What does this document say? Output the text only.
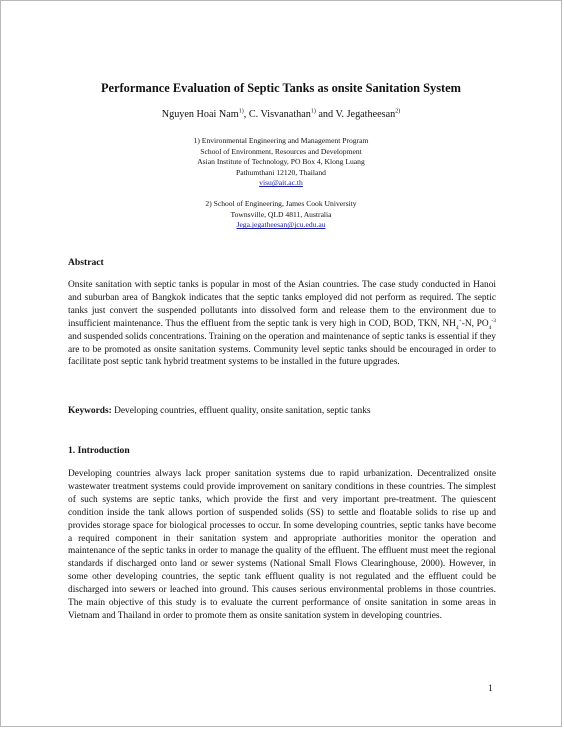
Performance Evaluation of Septic Tanks as onsite Sanitation System
Nguyen Hoai Nam$^{1)}$, C. Visvanathan$^{1)}$ and V. Jegatheesan$^{2)}$
1) Environmental Engineering and Management Program
School of Environment, Resources and Development
Asian Institute of Technology, PO Box 4, Klong Luang
Pathumthani 12120, Thailand
visu@ait.ac.th
2) School of Engineering, James Cook University
Townsville, QLD 4811, Australia
Jega.jegatheesan@jcu.edu.au
Abstract
Onsite sanitation with septic tanks is popular in most of the Asian countries. The case study conducted in Hanoi and suburban area of Bangkok indicates that the septic tanks employed did not perform as required. The septic tanks just convert the suspended pollutants into dissolved form and release them to the environment due to insufficient maintenance. Thus the effluent from the septic tank is very high in COD, BOD, TKN, $NH_4^+-N$, $PO_4^{-3}$ and suspended solids concentrations. Training on the operation and maintenance of septic tanks is essential if they are to be promoted as onsite sanitation systems. Community level septic tanks should be encouraged in order to facilitate post septic tank hybrid treatment systems to be installed in the future upgrades.
Keywords: Developing countries, effluent quality, onsite sanitation, septic tanks
1. Introduction
Developing countries always lack proper sanitation systems due to rapid urbanization. Decentralized onsite wastewater treatment systems could provide improvement on sanitary conditions in these countries. The simplest of such systems are septic tanks, which provide the first and very important pre-treatment. The quiescent condition inside the tank allows portion of suspended solids (SS) to settle and floatable solids to rise up and provides storage space for biological processes to occur. In some developing countries, septic tanks have become a required component in their sanitation system and appropriate authorities monitor the operation and maintenance of the septic tanks in order to manage the quality of the effluent. The effluent must meet the regional standards if discharged onto land or sewer systems (National Small Flows Clearinghouse, 2000). However, in some other developing countries, the septic tank effluent quality is not regulated and the effluent could be discharged into sewers or leached into ground. This causes serious environmental problems in those countries. The main objective of this study is to evaluate the current performance of onsite sanitation in some areas in Vietnam and Thailand in order to promote them as onsite sanitation system in developing countries.
1
